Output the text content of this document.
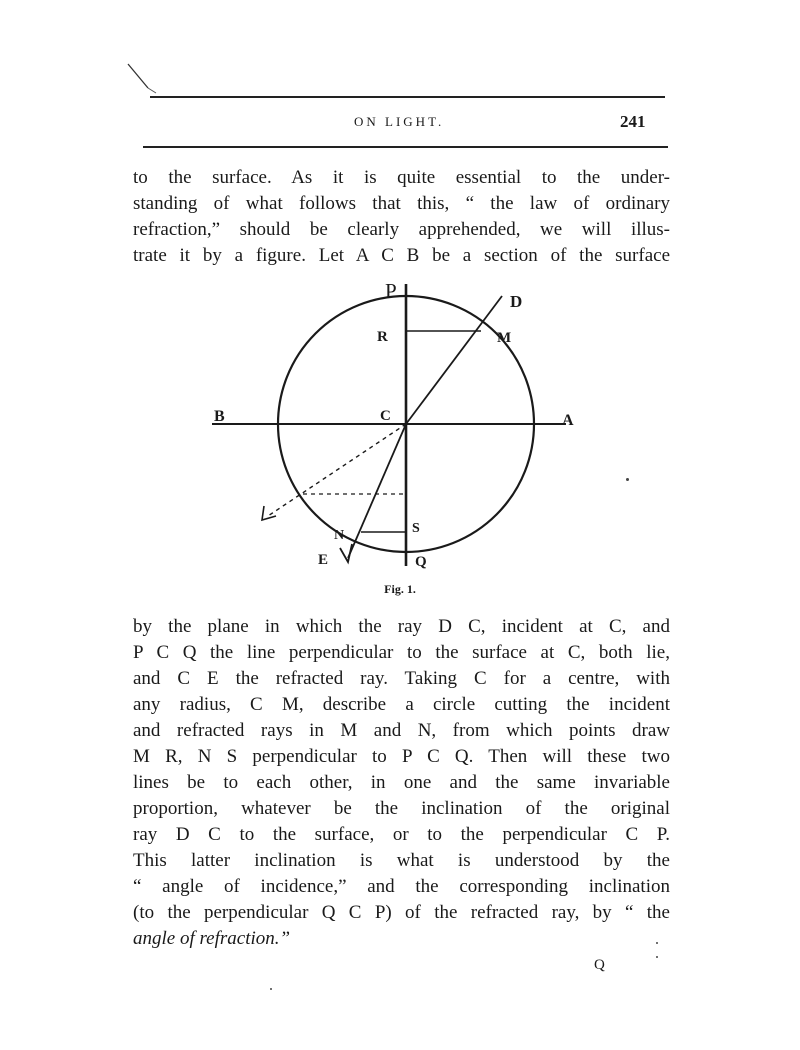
ON LIGHT.	241
to the surface. As it is quite essential to the under-
standing of what follows that this, “ the law of ordinary
refraction,” should be clearly apprehended, we will illus-
trate it by a figure. Let A C B be a section of the surface
P	D
R	M
B	C	A
N	S
E	Q
Fig. 1.
by the plane in which the ray D C, incident at C, and
P C Q the line perpendicular to the surface at C, both lie,
and C E the refracted ray. Taking C for a centre, with
any radius, C M, describe a circle cutting the incident
and refracted rays in M and N, from which points draw
M R, N S perpendicular to P C Q. Then will these two
lines be to each other, in one and the same invariable
proportion, whatever be the inclination of the original
ray D C to the surface, or to the perpendicular C P.
This latter inclination is what is understood by the
“ angle of incidence,” and the corresponding inclination
(to the perpendicular Q C P) of the refracted ray, by “ the
angle of refraction.”
Q
